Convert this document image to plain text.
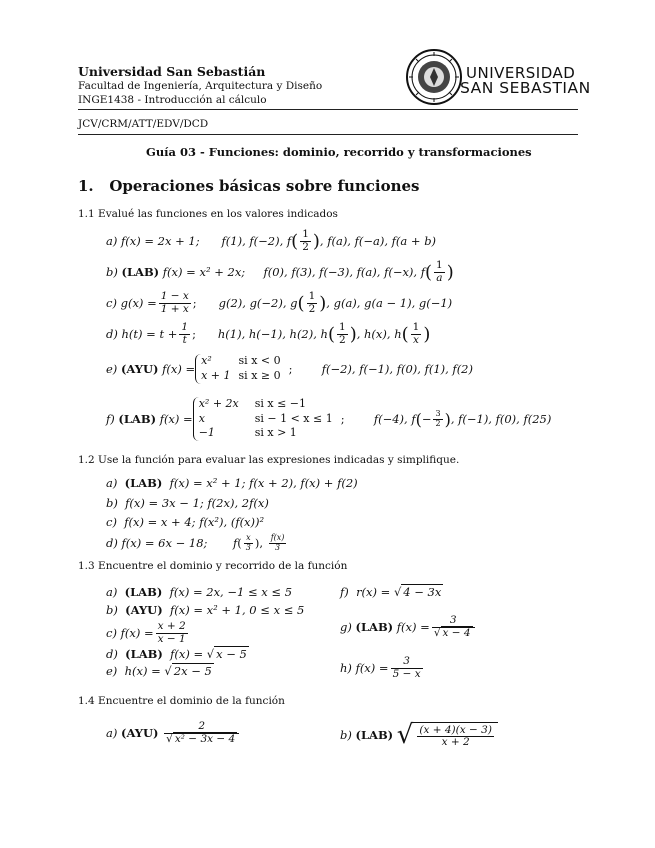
Universidad San Sebastián
Facultad de Ingeniería, Arquitectura y Diseño
INGE1438 - Introducción al cálculo
UNIVERSIDAD
SAN SEBASTIAN
JCV/CRM/ATT/EDV/DCD
Guía 03 - Funciones: dominio, recorrido y transformaciones
1. Operaciones básicas sobre funciones
1.1 Evalué las funciones en los valores indicados
a)
f(x) = 2x + 1;
f(1), f(−2), f ( $\frac{1}{2}$ ) , f(a), f(−a), f(a + b)
b)
(LAB)
f(x) = x² + 2x;
f(0), f(3), f(−3), f(a), f(−x), f ( $\frac{1}{a}$ )
c)
$g(x) = \frac{1 - x}{1 + x}$ ; g(2), g(−2), g ( $\frac{1}{2}$ ) , g(a), g(a − 1), g(−1)
d)
$h(t) = t + \frac{1}{t}$ ; h(1), h(−1), h(2), h ( $\frac{1}{2}$ ) , h(x), h ( $\frac{1}{x}$ )
e)
(AYU)
f(x) =
x²	si x < 0
x + 1	si x ≥ 0 ; f(−2), f(−1), f(0), f(1), f(2)
f)
(LAB)
f(x) =
x² + 2x	si x ≤ −1
x	si − 1 < x ≤ 1
−1	si x > 1
; f(−4), f ( − $\frac{3}{2}$ ) , f(−1), f(0), f(25)
1.2 Use la función para evaluar las expresiones indicadas y simplifique.
a) (LAB) f(x) = x² + 1; f(x + 2), f(x) + f(2)
b) f(x) = 3x − 1; f(2x), 2f(x)
c) f(x) = x + 4; f(x²), (f(x))²
d)
f(x) = 6x − 18;       f ( $\frac{x}{3}$ ) , $\frac{f(x)}{3}$
1.3 Encuentre el dominio y recorrido de la función
a) (LAB) f(x) = 2x, −1 ≤ x ≤ 5
b) (AYU) f(x) = x² + 1, 0 ≤ x ≤ 5
c)
$f(x) = \frac{x + 2}{x - 1}$
d) (LAB) f(x) = √ x − 5
e) h(x) = √ 2x − 5
f) r(x) = √ 4 − 3x
g)
(LAB)
$f(x) = \frac{3}{√ x - 4}$
h)
$f(x) = \frac{3}{5 - x}$
1.4 Encuentre el dominio de la función
a)
(AYU)
$\frac{2}{\text{√ x² − 3x − 4}}$	b)
(LAB)
√ $\frac{(x + 4)(x - 3)}{x + 2}$
